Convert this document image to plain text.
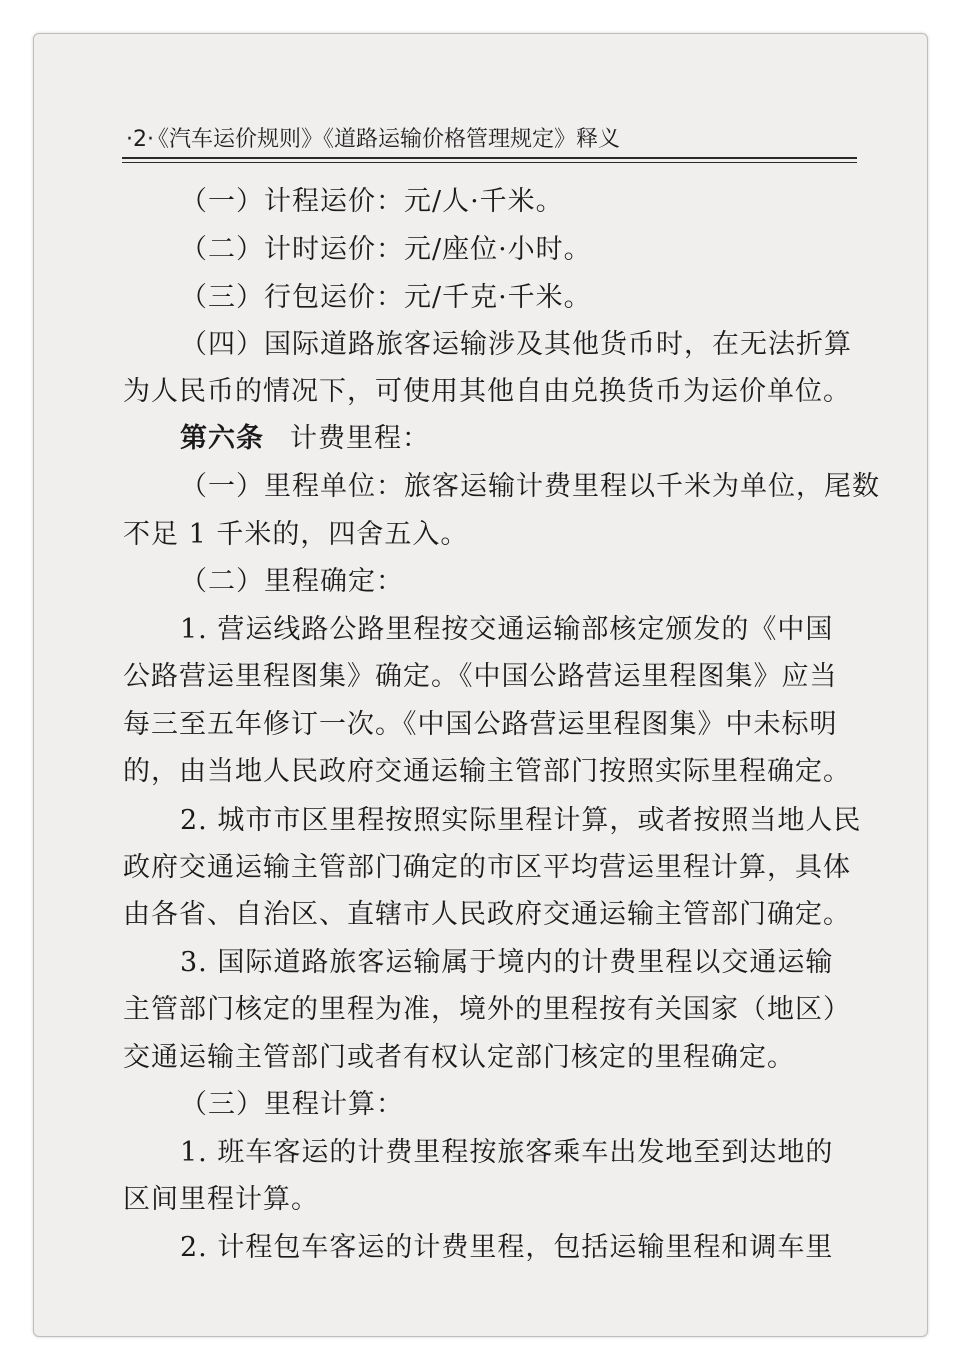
·2· 《汽车运价规则》《道路运输价格管理规定》释义
（一）计程运价：元/人·千米。
（二）计时运价：元/座位·小时。
（三）行包运价：元/千克·千米。
（四）国际道路旅客运输涉及其他货币时，在无法折算
为人民币的情况下，可使用其他自由兑换货币为运价单位。
第六条 计费里程：
（一）里程单位：旅客运输计费里程以千米为单位，尾数
不足 1 千米的，四舍五入。
（二）里程确定：
1. 营运线路公路里程按交通运输部核定颁发的《中国
公路营运里程图集》确定。《中国公路营运里程图集》应当
每三至五年修订一次。《中国公路营运里程图集》中未标明
的，由当地人民政府交通运输主管部门按照实际里程确定。
2. 城市市区里程按照实际里程计算，或者按照当地人民
政府交通运输主管部门确定的市区平均营运里程计算，具体
由各省、自治区、直辖市人民政府交通运输主管部门确定。
3. 国际道路旅客运输属于境内的计费里程以交通运输
主管部门核定的里程为准，境外的里程按有关国家（地区）
交通运输主管部门或者有权认定部门核定的里程确定。
（三）里程计算：
1. 班车客运的计费里程按旅客乘车出发地至到达地的
区间里程计算。
2. 计程包车客运的计费里程，包括运输里程和调车里
